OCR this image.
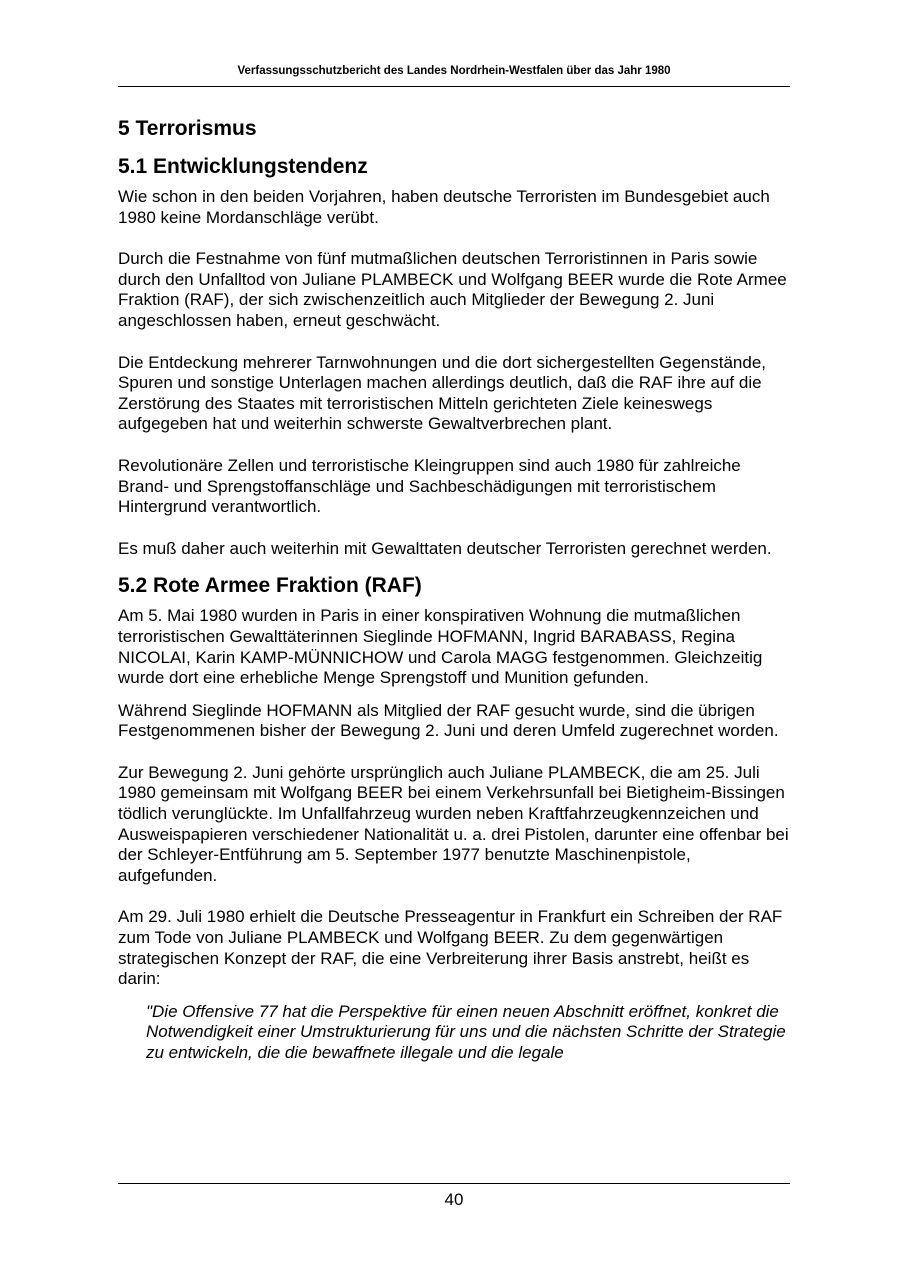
Verfassungsschutzbericht des Landes Nordrhein-Westfalen über das Jahr 1980
5 Terrorismus
5.1 Entwicklungstendenz

Wie schon in den beiden Vorjahren, haben deutsche Terroristen im Bundesgebiet auch 1980 keine Mordanschläge verübt.

Durch die Festnahme von fünf mutmaßlichen deutschen Terroristinnen in Paris sowie durch den Unfalltod von Juliane PLAMBECK und Wolfgang BEER wurde die Rote Armee Fraktion (RAF), der sich zwischenzeitlich auch Mitglieder der Bewegung 2. Juni angeschlossen haben, erneut geschwächt.

Die Entdeckung mehrerer Tarnwohnungen und die dort sichergestellten Gegenstände, Spuren und sonstige Unterlagen machen allerdings deutlich, daß die RAF ihre auf die Zerstörung des Staates mit terroristischen Mitteln gerichteten Ziele keineswegs aufgegeben hat und weiterhin schwerste Gewaltverbrechen plant.

Revolutionäre Zellen und terroristische Kleingruppen sind auch 1980 für zahlreiche Brand- und Sprengstoffanschläge und Sachbeschädigungen mit terroristischem Hintergrund verantwortlich.

Es muß daher auch weiterhin mit Gewalttaten deutscher Terroristen gerechnet werden.

5.2 Rote Armee Fraktion (RAF)

Am 5. Mai 1980 wurden in Paris in einer konspirativen Wohnung die mutmaßlichen terroristischen Gewalttäterinnen Sieglinde HOFMANN, Ingrid BARABASS, Regina NICOLAI, Karin KAMP-MÜNNICHOW und Carola MAGG festgenommen. Gleichzeitig wurde dort eine erhebliche Menge Sprengstoff und Munition gefunden.

Während Sieglinde HOFMANN als Mitglied der RAF gesucht wurde, sind die übrigen Festgenommenen bisher der Bewegung 2. Juni und deren Umfeld zugerechnet worden.

Zur Bewegung 2. Juni gehörte ursprünglich auch Juliane PLAMBECK, die am 25. Juli 1980 gemeinsam mit Wolfgang BEER bei einem Verkehrsunfall bei Bietigheim-Bissingen tödlich verunglückte. Im Unfallfahrzeug wurden neben Kraftfahrzeugkennzeichen und Ausweispapieren verschiedener Nationalität u. a. drei Pistolen, darunter eine offenbar bei der Schleyer-Entführung am 5. September 1977 benutzte Maschinenpistole, aufgefunden.

Am 29. Juli 1980 erhielt die Deutsche Presseagentur in Frankfurt ein Schreiben der RAF zum Tode von Juliane PLAMBECK und Wolfgang BEER. Zu dem gegenwärtigen strategischen Konzept der RAF, die eine Verbreiterung ihrer Basis anstrebt, heißt es darin:

"Die Offensive 77 hat die Perspektive für einen neuen Abschnitt eröffnet, konkret die Notwendigkeit einer Umstrukturierung für uns und die nächsten Schritte der Strategie zu entwickeln, die die bewaffnete illegale und die legale

40
